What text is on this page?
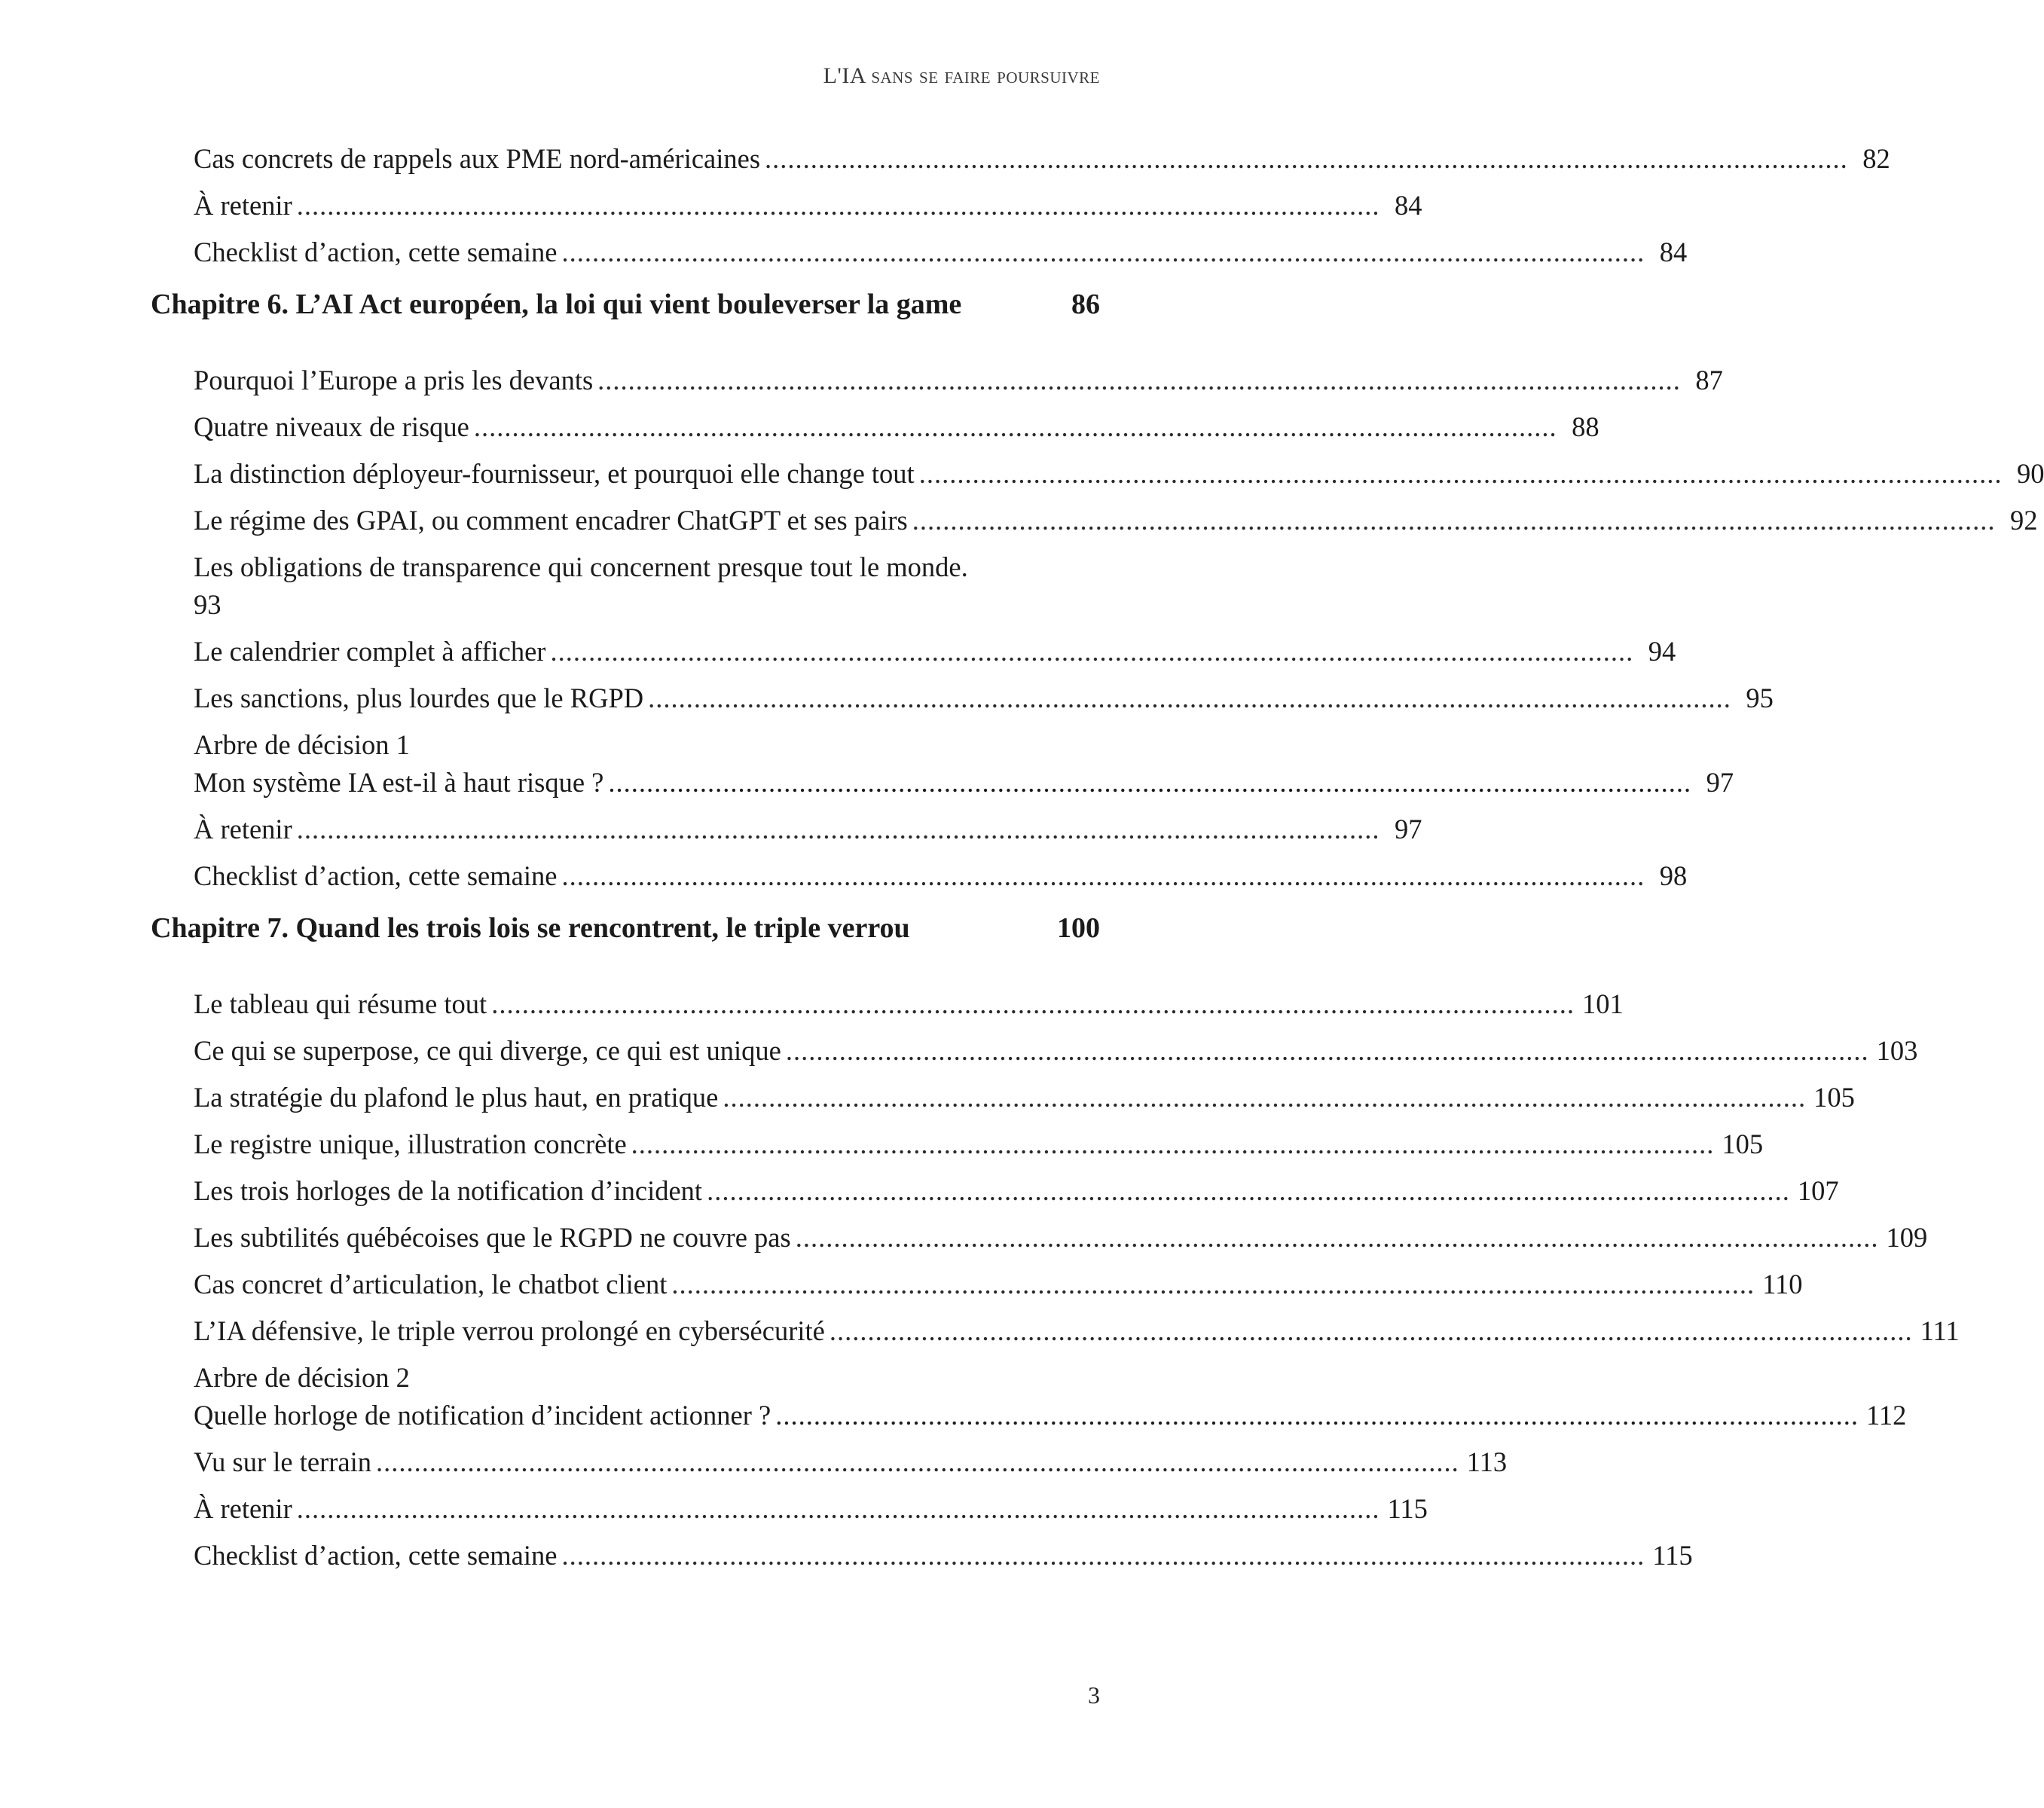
L'IA sans se faire poursuivre
Cas concrets de rappels aux PME nord-américaines .............................................................................................................................................. 82
À retenir .............................................................................................................................................. 84
Checklist d’action, cette semaine .............................................................................................................................................. 84
Chapitre 6. L’AI Act européen, la loi qui vient bouleverser la game	86
Pourquoi l’Europe a pris les devants .............................................................................................................................................. 87
Quatre niveaux de risque .............................................................................................................................................. 88
La distinction déployeur-fournisseur, et pourquoi elle change tout .............................................................................................................................................. 90
Le régime des GPAI, ou comment encadrer ChatGPT et ses pairs .............................................................................................................................................. 92
Les obligations de transparence qui concernent presque tout le monde.
93
Le calendrier complet à afficher .............................................................................................................................................. 94
Les sanctions, plus lourdes que le RGPD .............................................................................................................................................. 95
Arbre de décision 1
Mon système IA est-il à haut risque ? .............................................................................................................................................. 97
À retenir .............................................................................................................................................. 97
Checklist d’action, cette semaine .............................................................................................................................................. 98
Chapitre 7. Quand les trois lois se rencontrent, le triple verrou	100
Le tableau qui résume tout .............................................................................................................................................. 101
Ce qui se superpose, ce qui diverge, ce qui est unique .............................................................................................................................................. 103
La stratégie du plafond le plus haut, en pratique .............................................................................................................................................. 105
Le registre unique, illustration concrète .............................................................................................................................................. 105
Les trois horloges de la notification d’incident .............................................................................................................................................. 107
Les subtilités québécoises que le RGPD ne couvre pas .............................................................................................................................................. 109
Cas concret d’articulation, le chatbot client .............................................................................................................................................. 110
L’IA défensive, le triple verrou prolongé en cybersécurité .............................................................................................................................................. 111
Arbre de décision 2
Quelle horloge de notification d’incident actionner ? .............................................................................................................................................. 112
Vu sur le terrain .............................................................................................................................................. 113
À retenir .............................................................................................................................................. 115
Checklist d’action, cette semaine .............................................................................................................................................. 115
3
